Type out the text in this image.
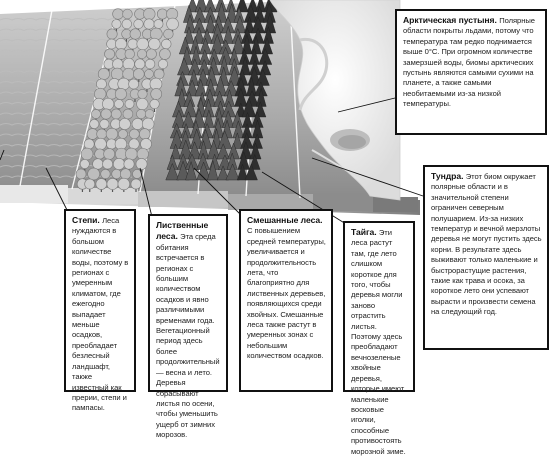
Арктическая пустыня. Полярные области покрыты льдами, потому что температура там редко поднимается выше 0°C. При огромном количестве замерзшей воды, биомы арктических пустынь являются самыми сухими на планете, а также самыми необитаемыми из-за низкой температуры.
Тундра. Этот биом окружает полярные области и в значительной степени ограничен северным полушарием. Из-за низких температур и вечной мерзлоты деревья не могут пустить здесь корни. В результате здесь выживают только маленькие и быстрорастущие растения, такие как трава и осока, за короткое лето они успевают вырасти и произвести семена на следующий год.
Степи. Леса нуждаются в большом количестве воды, поэтому в регионах с умеренным климатом, где ежегодно выпадает меньше осадков, преобладает безлесный ландшафт, также известный как прерии, степи и пампасы.
Лиственные леса. Эта среда обитания встречается в регионах с большим количеством осадков и явно различимыми временами года. Вегетационный период здесь более продолжительный — весна и лето. Деревья сбрасывают листья по осени, чтобы уменьшить ущерб от зимних морозов.
Смешанные леса. С повышением средней температуры, увеличивается и продолжительность лета, что благоприятно для лиственных деревьев, появляющихся среди хвойных. Смешанные леса также растут в умеренных зонах с небольшим количеством осадков.
Тайга. Эти леса растут там, где лето слишком короткое для того, чтобы деревья могли заново отрастить листья. Поэтому здесь преобладают вечнозеленые хвойные деревья, которые имеют маленькие восковые иголки, способные противостоять морозной зиме.
